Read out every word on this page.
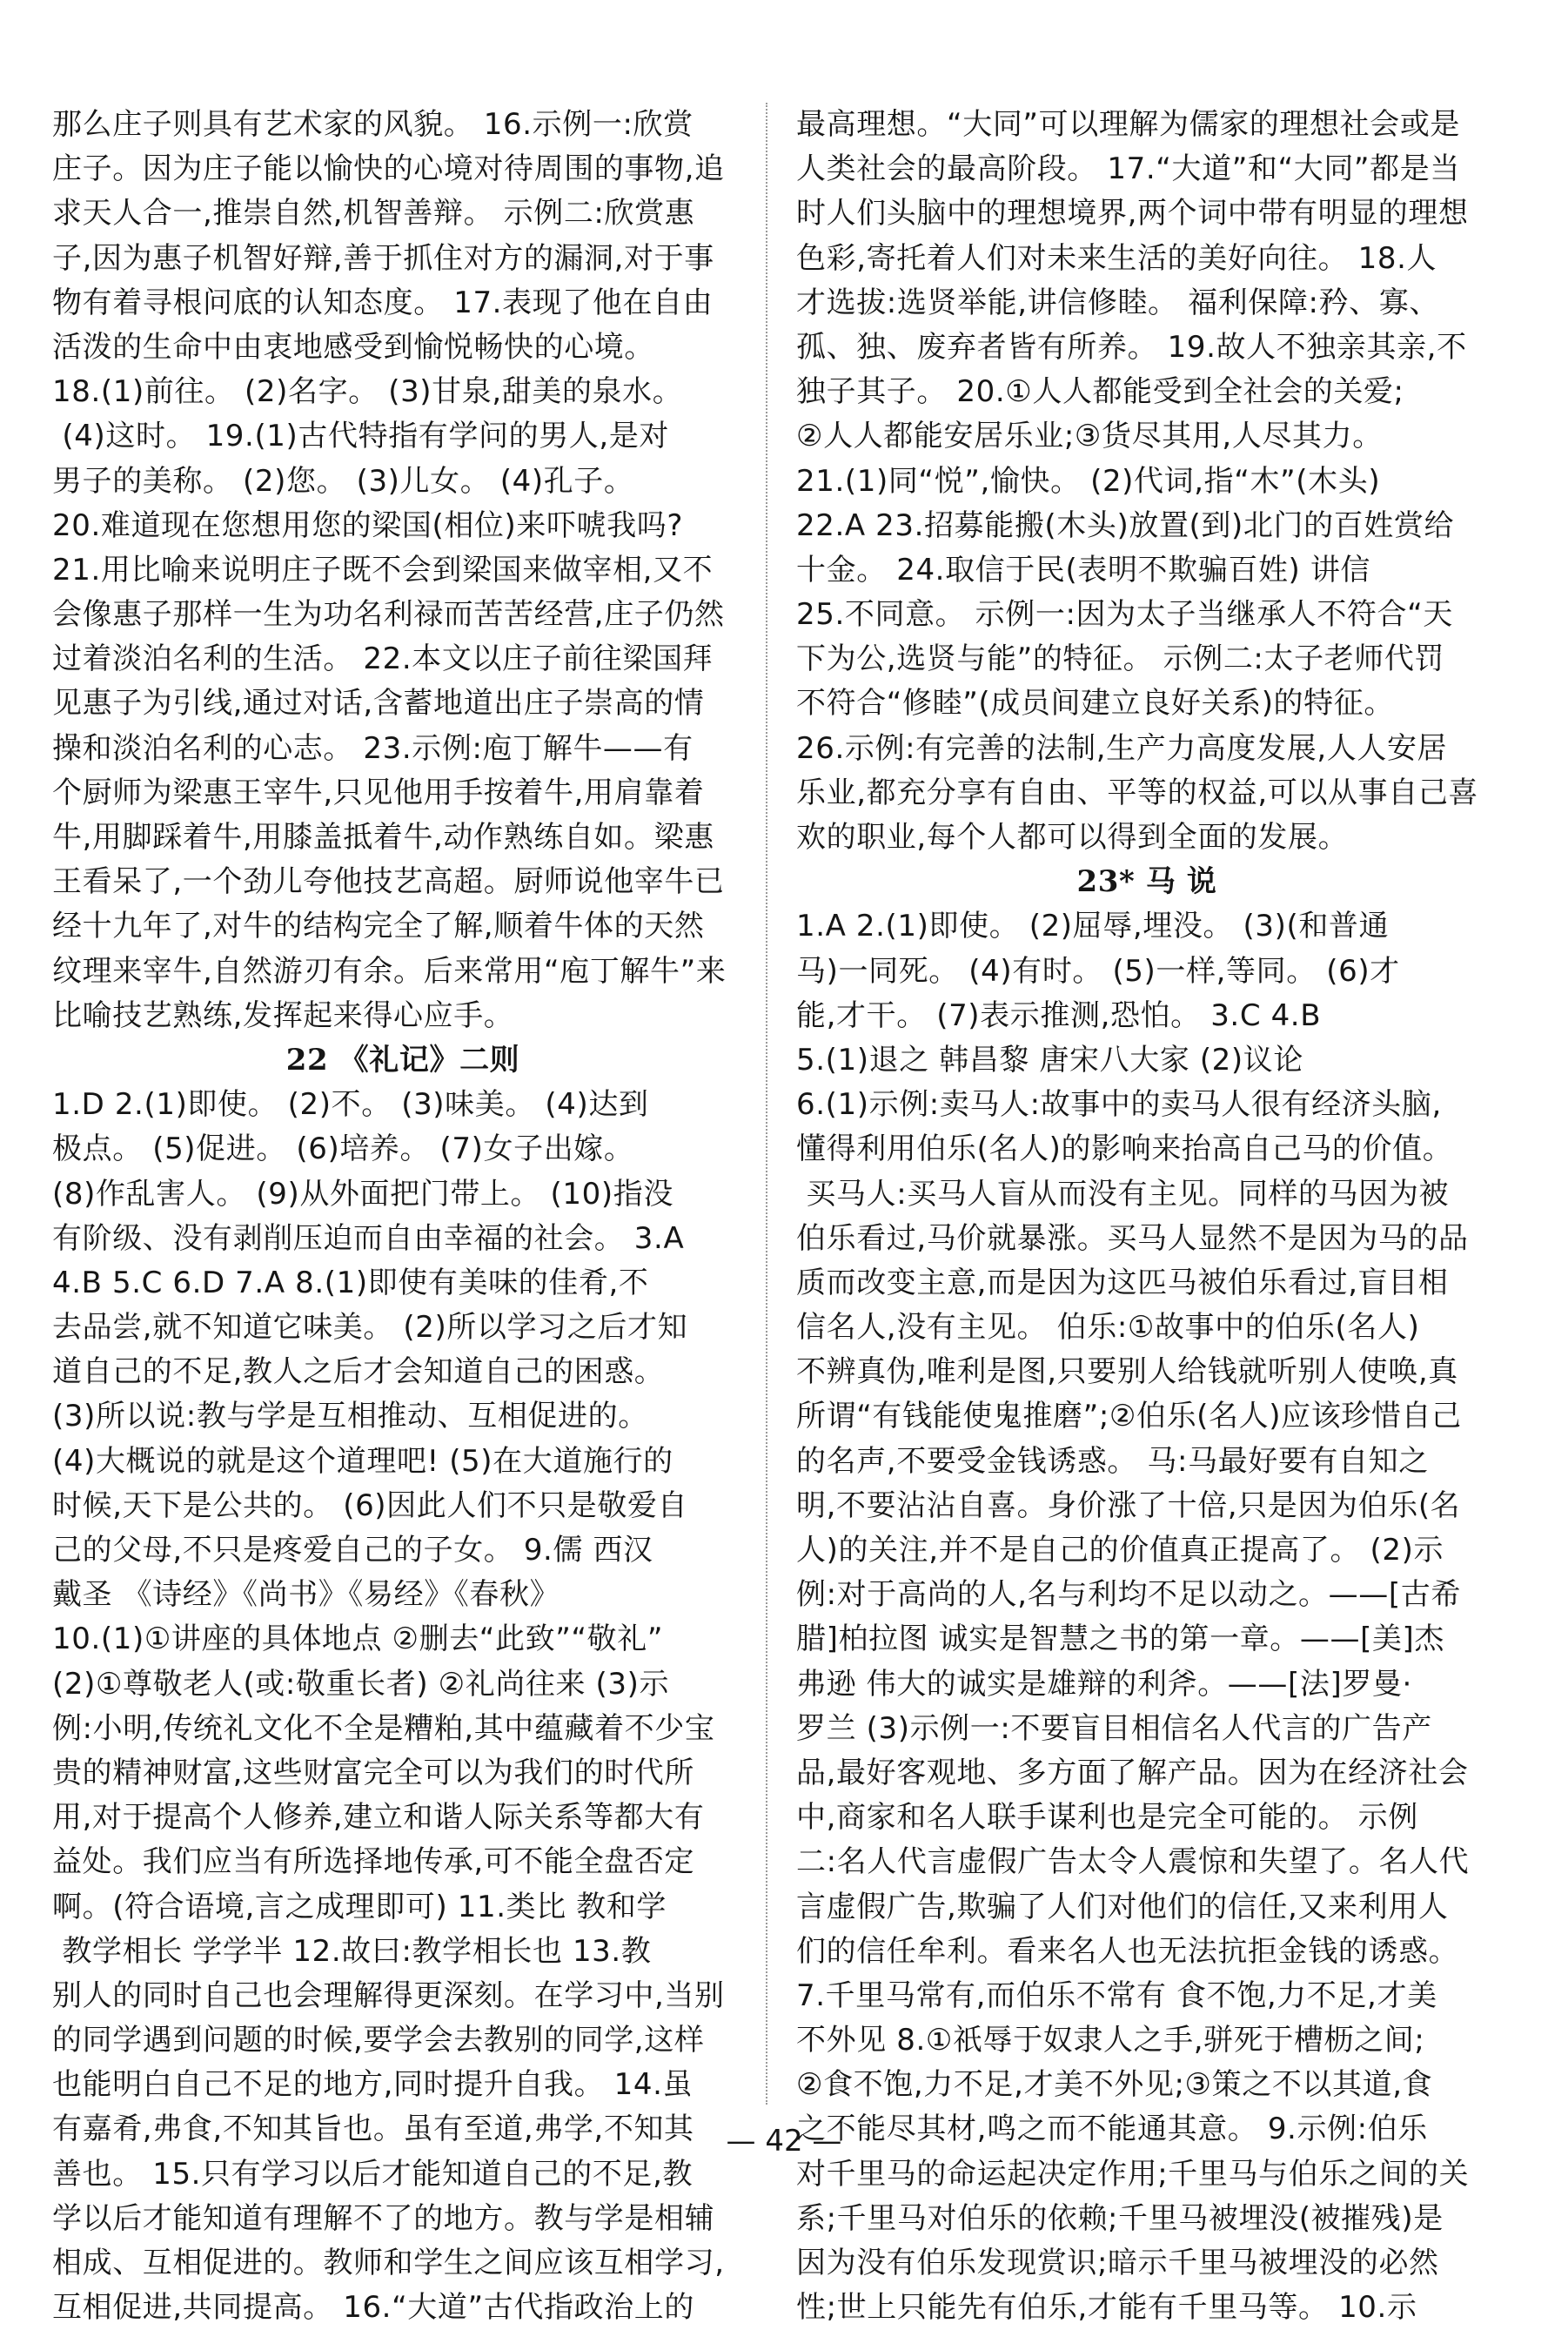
那么庄子则具有艺术家的风貌。 16.示例一:欣赏
庄子。因为庄子能以愉快的心境对待周围的事物,追
求天人合一,推崇自然,机智善辩。 示例二:欣赏惠
子,因为惠子机智好辩,善于抓住对方的漏洞,对于事
物有着寻根问底的认知态度。 17.表现了他在自由
活泼的生命中由衷地感受到愉悦畅快的心境。
18.(1)前往。 (2)名字。 (3)甘泉,甜美的泉水。
(4)这时。 19.(1)古代特指有学问的男人,是对
男子的美称。 (2)您。 (3)儿女。 (4)孔子。
20.难道现在您想用您的梁国(相位)来吓唬我吗?
21.用比喻来说明庄子既不会到梁国来做宰相,又不
会像惠子那样一生为功名利禄而苦苦经营,庄子仍然
过着淡泊名利的生活。 22.本文以庄子前往梁国拜
见惠子为引线,通过对话,含蓄地道出庄子崇高的情
操和淡泊名利的心志。 23.示例:庖丁解牛——有
个厨师为梁惠王宰牛,只见他用手按着牛,用肩靠着
牛,用脚踩着牛,用膝盖抵着牛,动作熟练自如。梁惠
王看呆了,一个劲儿夸他技艺高超。厨师说他宰牛已
经十九年了,对牛的结构完全了解,顺着牛体的天然
纹理来宰牛,自然游刃有余。后来常用“庖丁解牛”来
比喻技艺熟练,发挥起来得心应手。
22 《礼记》二则
1.D 2.(1)即使。 (2)不。 (3)味美。 (4)达到
极点。 (5)促进。 (6)培养。 (7)女子出嫁。
(8)作乱害人。 (9)从外面把门带上。 (10)指没
有阶级、没有剥削压迫而自由幸福的社会。 3.A
4.B 5.C 6.D 7.A 8.(1)即使有美味的佳肴,不
去品尝,就不知道它味美。 (2)所以学习之后才知
道自己的不足,教人之后才会知道自己的困惑。
(3)所以说:教与学是互相推动、互相促进的。
(4)大概说的就是这个道理吧! (5)在大道施行的
时候,天下是公共的。 (6)因此人们不只是敬爱自
己的父母,不只是疼爱自己的子女。 9.儒 西汉
戴圣 《诗经》《尚书》《易经》《春秋》
10.(1)①讲座的具体地点 ②删去“此致”“敬礼”
(2)①尊敬老人(或:敬重长者) ②礼尚往来 (3)示
例:小明,传统礼文化不全是糟粕,其中蕴藏着不少宝
贵的精神财富,这些财富完全可以为我们的时代所
用,对于提高个人修养,建立和谐人际关系等都大有
益处。我们应当有所选择地传承,可不能全盘否定
啊。(符合语境,言之成理即可) 11.类比 教和学
教学相长 学学半 12.故曰:教学相长也 13.教
别人的同时自己也会理解得更深刻。在学习中,当别
的同学遇到问题的时候,要学会去教别的同学,这样
也能明白自己不足的地方,同时提升自我。 14.虽
有嘉肴,弗食,不知其旨也。虽有至道,弗学,不知其
善也。 15.只有学习以后才能知道自己的不足,教
学以后才能知道有理解不了的地方。教与学是相辅
相成、互相促进的。教师和学生之间应该互相学习,
互相促进,共同提高。 16.“大道”古代指政治上的
最高理想。“大同”可以理解为儒家的理想社会或是
人类社会的最高阶段。 17.“大道”和“大同”都是当
时人们头脑中的理想境界,两个词中带有明显的理想
色彩,寄托着人们对未来生活的美好向往。 18.人
才选拔:选贤举能,讲信修睦。 福利保障:矜、寡、
孤、独、废弃者皆有所养。 19.故人不独亲其亲,不
独子其子。 20.①人人都能受到全社会的关爱;
②人人都能安居乐业;③货尽其用,人尽其力。
21.(1)同“悦”,愉快。 (2)代词,指“木”(木头)
22.A 23.招募能搬(木头)放置(到)北门的百姓赏给
十金。 24.取信于民(表明不欺骗百姓) 讲信
25.不同意。 示例一:因为太子当继承人不符合“天
下为公,选贤与能”的特征。 示例二:太子老师代罚
不符合“修睦”(成员间建立良好关系)的特征。
26.示例:有完善的法制,生产力高度发展,人人安居
乐业,都充分享有自由、平等的权益,可以从事自己喜
欢的职业,每个人都可以得到全面的发展。
23* 马 说
1.A 2.(1)即使。 (2)屈辱,埋没。 (3)(和普通
马)一同死。 (4)有时。 (5)一样,等同。 (6)才
能,才干。 (7)表示推测,恐怕。 3.C 4.B
5.(1)退之 韩昌黎 唐宋八大家 (2)议论
6.(1)示例:卖马人:故事中的卖马人很有经济头脑,
懂得利用伯乐(名人)的影响来抬高自己马的价值。
买马人:买马人盲从而没有主见。同样的马因为被
伯乐看过,马价就暴涨。买马人显然不是因为马的品
质而改变主意,而是因为这匹马被伯乐看过,盲目相
信名人,没有主见。 伯乐:①故事中的伯乐(名人)
不辨真伪,唯利是图,只要别人给钱就听别人使唤,真
所谓“有钱能使鬼推磨”;②伯乐(名人)应该珍惜自己
的名声,不要受金钱诱惑。 马:马最好要有自知之
明,不要沾沾自喜。身价涨了十倍,只是因为伯乐(名
人)的关注,并不是自己的价值真正提高了。 (2)示
例:对于高尚的人,名与利均不足以动之。——[古希
腊]柏拉图 诚实是智慧之书的第一章。——[美]杰
弗逊 伟大的诚实是雄辩的利斧。——[法]罗曼·
罗兰 (3)示例一:不要盲目相信名人代言的广告产
品,最好客观地、多方面了解产品。因为在经济社会
中,商家和名人联手谋利也是完全可能的。 示例
二:名人代言虚假广告太令人震惊和失望了。名人代
言虚假广告,欺骗了人们对他们的信任,又来利用人
们的信任牟利。看来名人也无法抗拒金钱的诱惑。
7.千里马常有,而伯乐不常有 食不饱,力不足,才美
不外见 8.①祇辱于奴隶人之手,骈死于槽枥之间;
②食不饱,力不足,才美不外见;③策之不以其道,食
之不能尽其材,鸣之而不能通其意。 9.示例:伯乐
对千里马的命运起决定作用;千里马与伯乐之间的关
系;千里马对伯乐的依赖;千里马被埋没(被摧残)是
因为没有伯乐发现赏识;暗示千里马被埋没的必然
性;世上只能先有伯乐,才能有千里马等。 10.示
— 42 —
